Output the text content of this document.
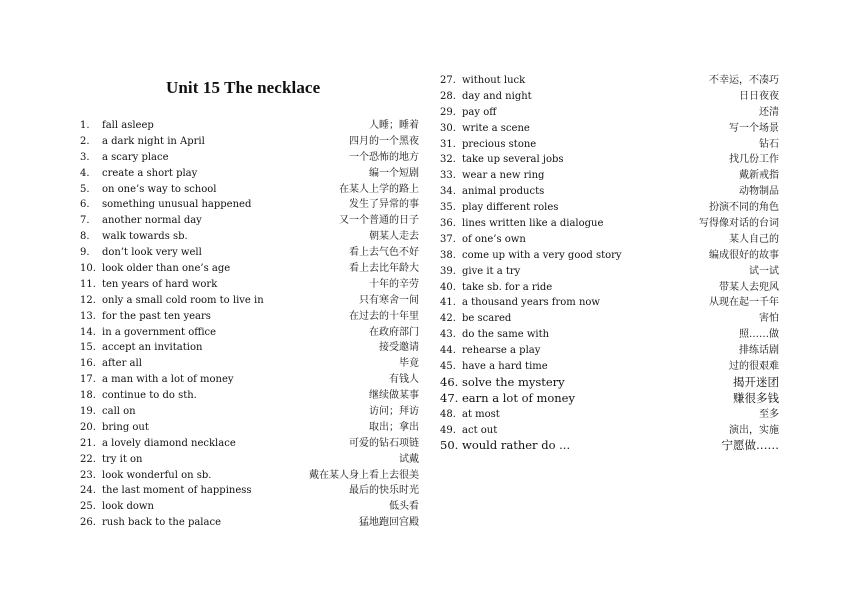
Unit 15 The necklace
1. fall asleep	人睡；睡着
2. a dark night in April	四月的一个黑夜
3. a scary place	一个恐怖的地方
4. create a short play	编一个短剧
5. on one’s way to school	在某人上学的路上
6. something unusual happened	发生了异常的事
7. another normal day	又一个普通的日子
8. walk towards sb.	朝某人走去
9. don’t look very well	看上去气色不好
10. look older than one’s age	看上去比年龄大
11. ten years of hard work	十年的辛劳
12. only a small cold room to live in	只有寒舍一间
13. for the past ten years	在过去的十年里
14. in a government office	在政府部门
15. accept an invitation	接受邀请
16. after all	毕竟
17. a man with a lot of money	有钱人
18. continue to do sth.	继续做某事
19. call on	访问；拜访
20. bring out	取出；拿出
21. a lovely diamond necklace	可爱的钻石项链
22. try it on	试戴
23. look wonderful on sb.	戴在某人身上看上去很美
24. the last moment of happiness	最后的快乐时光
25. look down	低头看
26. rush back to the palace	猛地跑回宫殿
27. without luck	不幸运，不凑巧
28. day and night	日日夜夜
29. pay off	还清
30. write a scene	写一个场景
31. precious stone	钻石
32. take up several jobs	找几份工作
33. wear a new ring	戴新戒指
34. animal products	动物制品
35. play different roles	扮演不同的角色
36. lines written like a dialogue	写得像对话的台词
37. of one’s own	某人自己的
38. come up with a very good story	编成很好的故事
39. give it a try	试一试
40. take sb. for a ride	带某人去兜风
41. a thousand years from now	从现在起一千年
42. be scared	害怕
43. do the same with	照……做
44. rehearse a play	排练话剧
45. have a hard time	过的很艰难
46. solve the mystery	揭开迷团
47. earn a lot of money	赚很多钱
48. at most	至多
49. act out	演出，实施
50. would rather do ...	宁愿做……
